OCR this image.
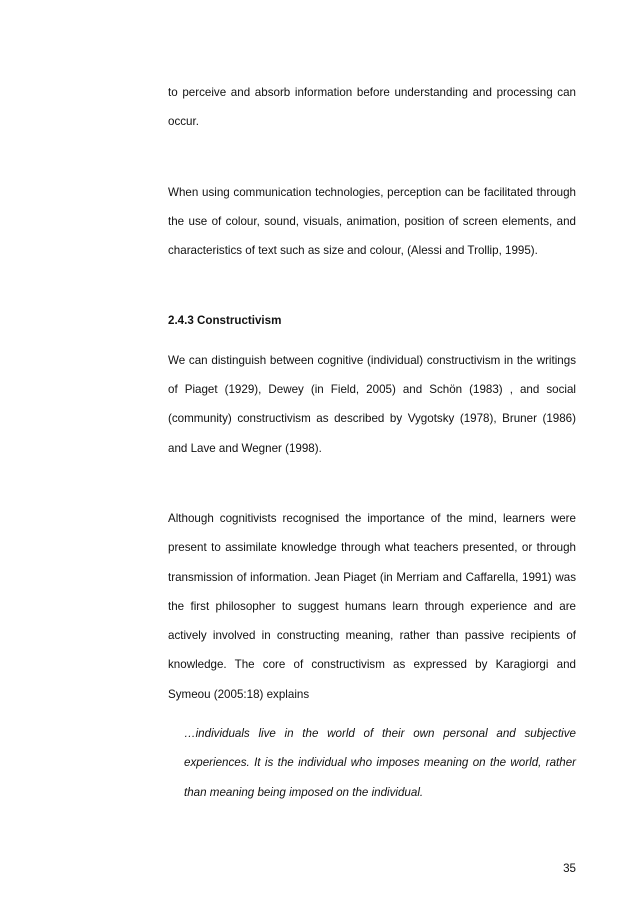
to perceive and absorb information before understanding and processing can occur.

When using communication technologies, perception can be facilitated through the use of colour, sound, visuals, animation, position of screen elements, and characteristics of text such as size and colour, (Alessi and Trollip, 1995).

2.4.3 Constructivism

We can distinguish between cognitive (individual) constructivism in the writings of Piaget (1929), Dewey (in Field, 2005) and Schön (1983) , and social (community) constructivism as described by Vygotsky (1978), Bruner (1986) and Lave and Wegner (1998).

Although cognitivists recognised the importance of the mind, learners were present to assimilate knowledge through what teachers presented, or through transmission of information. Jean Piaget (in Merriam and Caffarella, 1991) was the first philosopher to suggest humans learn through experience and are actively involved in constructing meaning, rather than passive recipients of knowledge. The core of constructivism as expressed by Karagiorgi and Symeou (2005:18) explains

…individuals live in the world of their own personal and subjective experiences. It is the individual who imposes meaning on the world, rather than meaning being imposed on the individual.

35
